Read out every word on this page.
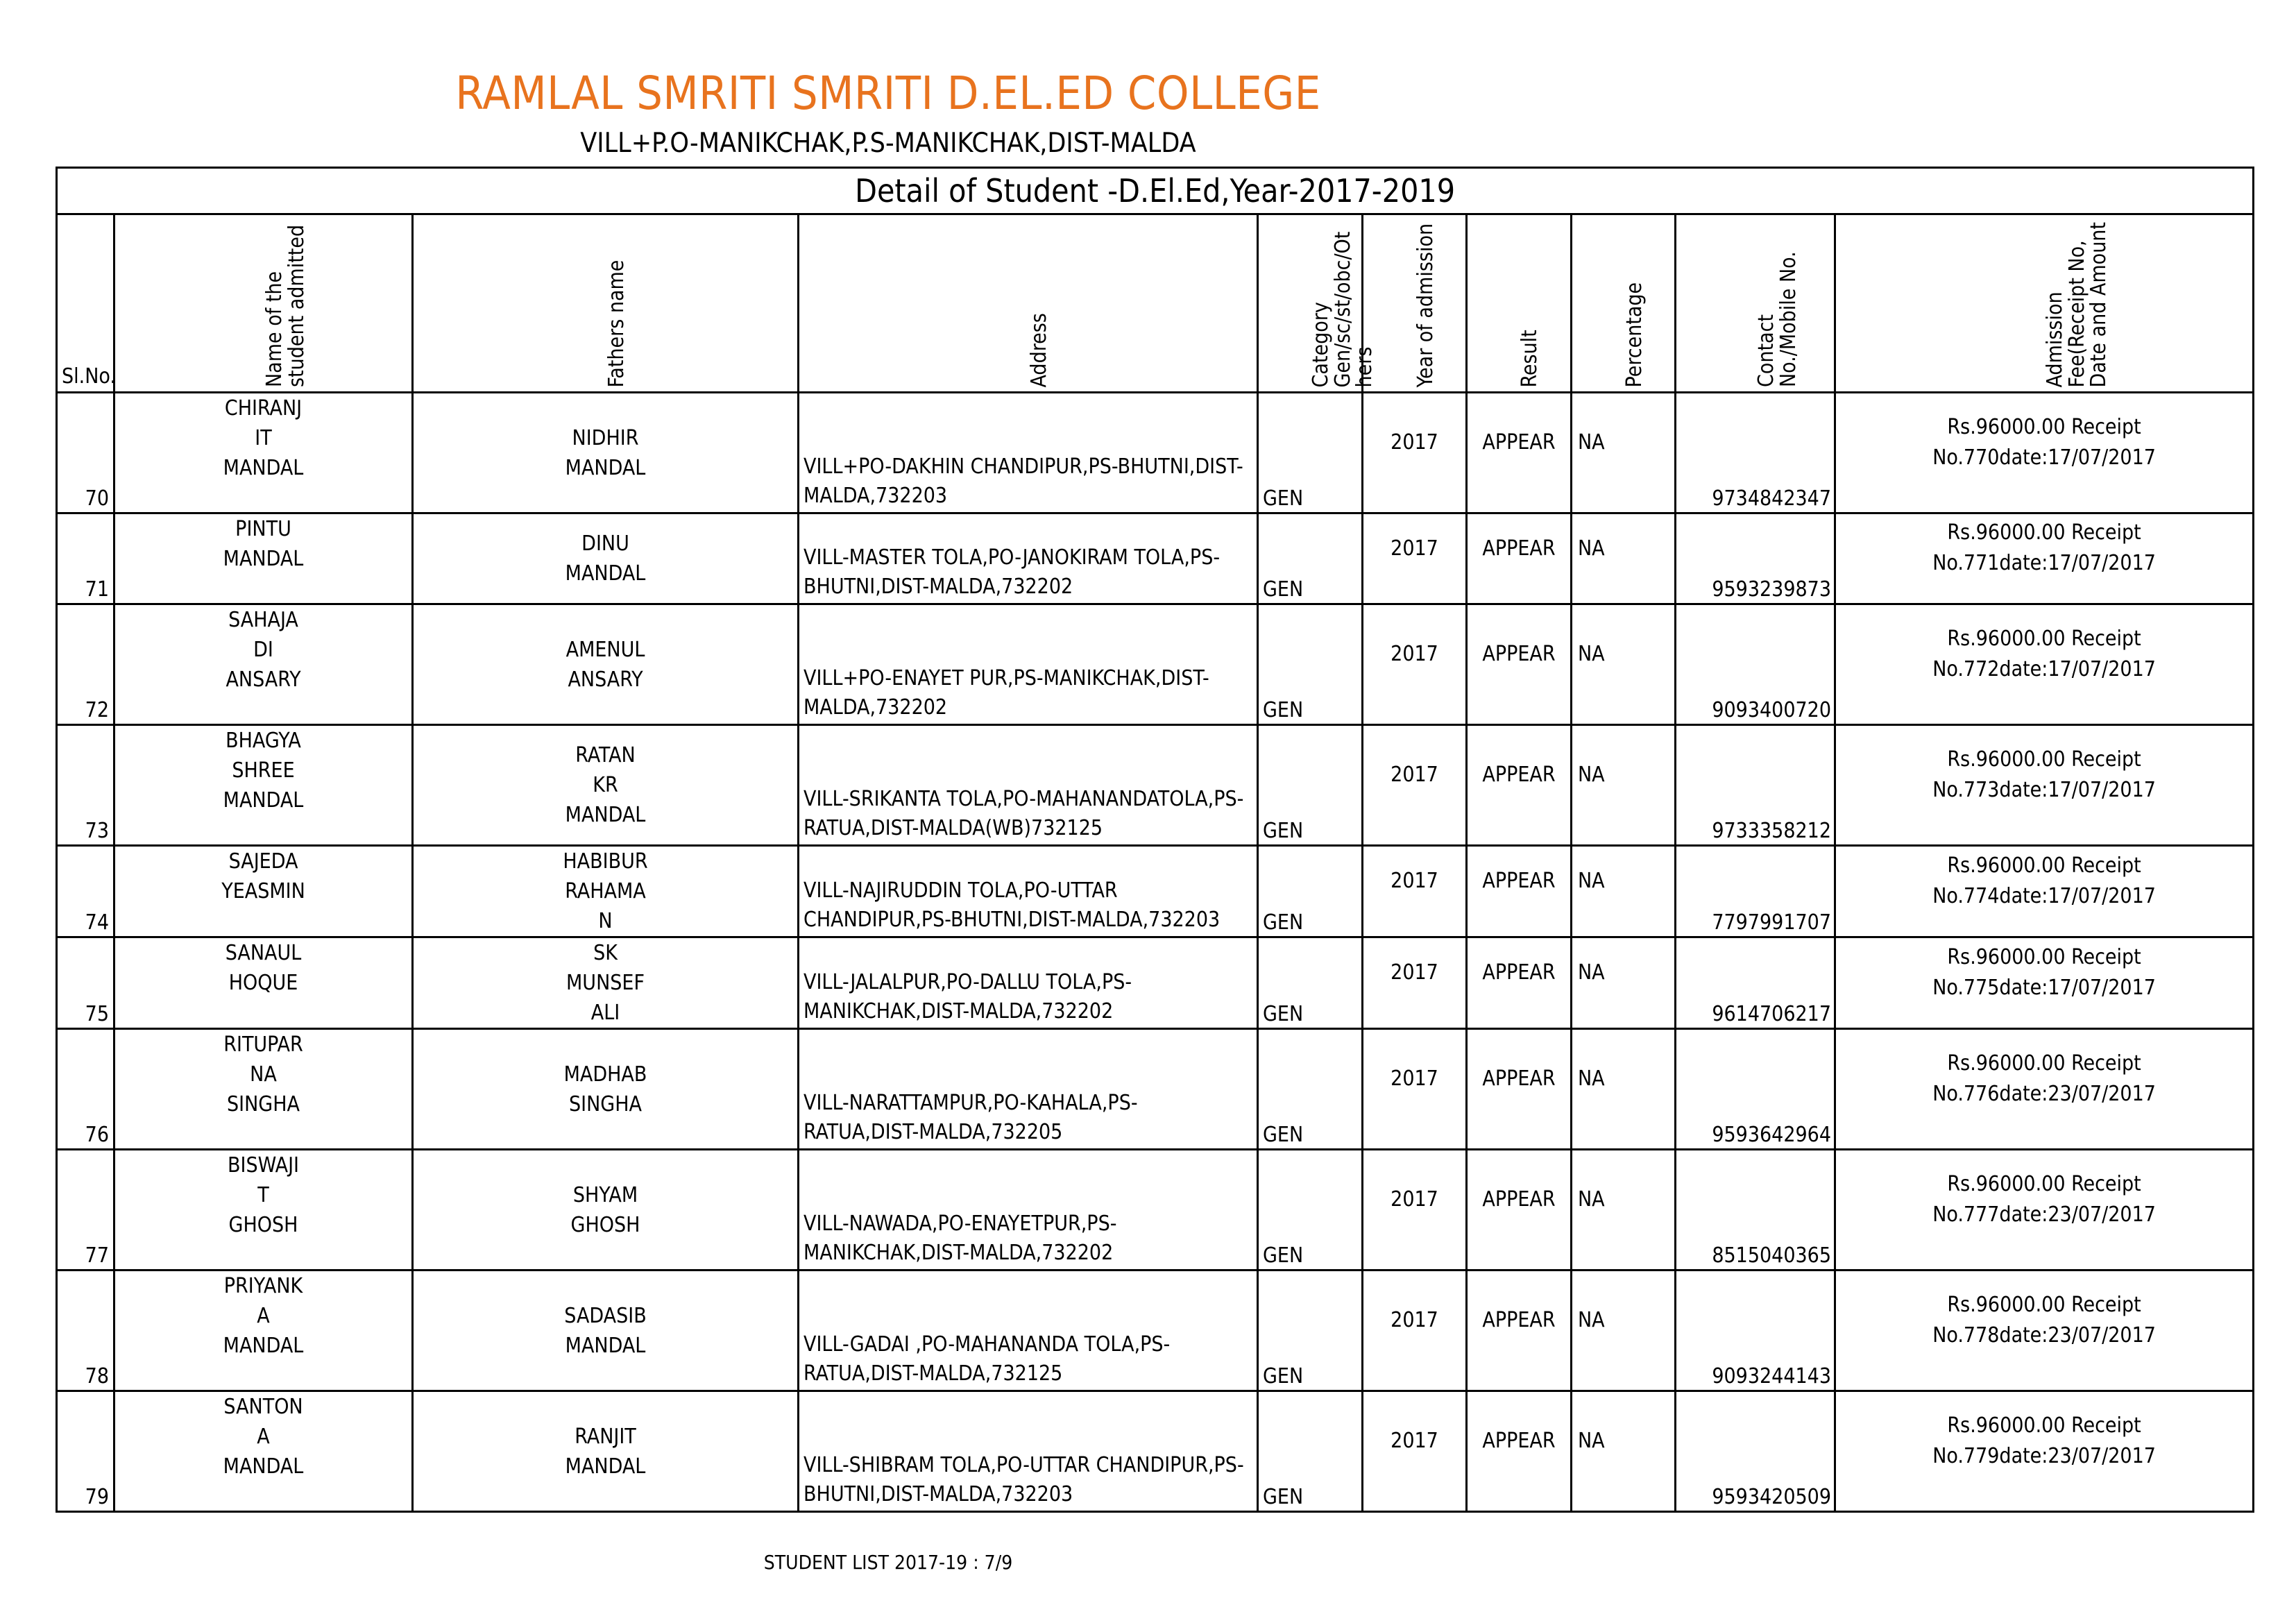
RAMLAL SMRITI SMRITI D.EL.ED COLLEGE
VILL+P.O-MANIKCHAK,P.S-MANIKCHAK,DIST-MALDA
Detail of Student -D.El.Ed,Year-2017-2019									
Sl.No.	Name of the
student admitted	Fathers name	Address	Category
Gen/sc/st/obc/Ot
hers	Year of admission	Result	Percentage	Contact
No./Mobile No.	Admission
Fee(Receipt No,
Date and Amount

70	CHIRANJ
IT
MANDAL	NIDHIR
MANDAL	VILL+PO-DAKHIN CHANDIPUR,PS-BHUTNI,DIST-
MALDA,732203	GEN	2017	APPEAR	NA	9734842347	Rs.96000.00 Receipt
No.770date:17/07/2017

71	PINTU
MANDAL	DINU
MANDAL	VILL-MASTER TOLA,PO-JANOKIRAM TOLA,PS-
BHUTNI,DIST-MALDA,732202	GEN	2017	APPEAR	NA	9593239873	Rs.96000.00 Receipt
No.771date:17/07/2017

72	SAHAJA
DI
ANSARY	AMENUL
ANSARY	VILL+PO-ENAYET PUR,PS-MANIKCHAK,DIST-
MALDA,732202	GEN	2017	APPEAR	NA	9093400720	Rs.96000.00 Receipt
No.772date:17/07/2017

73	BHAGYA
SHREE
MANDAL	RATAN
KR
MANDAL	VILL-SRIKANTA TOLA,PO-MAHANANDATOLA,PS-
RATUA,DIST-MALDA(WB)732125	GEN	2017	APPEAR	NA	9733358212	Rs.96000.00 Receipt
No.773date:17/07/2017

74	SAJEDA
YEASMIN	HABIBUR
RAHAMA
N	VILL-NAJIRUDDIN TOLA,PO-UTTAR
CHANDIPUR,PS-BHUTNI,DIST-MALDA,732203	GEN	2017	APPEAR	NA	7797991707	Rs.96000.00 Receipt
No.774date:17/07/2017

75	SANAUL
HOQUE	SK
MUNSEF
ALI	VILL-JALALPUR,PO-DALLU TOLA,PS-
MANIKCHAK,DIST-MALDA,732202	GEN	2017	APPEAR	NA	9614706217	Rs.96000.00 Receipt
No.775date:17/07/2017

76	RITUPAR
NA
SINGHA	MADHAB
SINGHA	VILL-NARATTAMPUR,PO-KAHALA,PS-
RATUA,DIST-MALDA,732205	GEN	2017	APPEAR	NA	9593642964	Rs.96000.00 Receipt
No.776date:23/07/2017

77	BISWAJI
T
GHOSH	SHYAM
GHOSH	VILL-NAWADA,PO-ENAYETPUR,PS-
MANIKCHAK,DIST-MALDA,732202	GEN	2017	APPEAR	NA	8515040365	Rs.96000.00 Receipt
No.777date:23/07/2017

78	PRIYANK
A
MANDAL	SADASIB
MANDAL	VILL-GADAI ,PO-MAHANANDA TOLA,PS-
RATUA,DIST-MALDA,732125	GEN	2017	APPEAR	NA	9093244143	Rs.96000.00 Receipt
No.778date:23/07/2017

79	SANTON
A
MANDAL	RANJIT
MANDAL	VILL-SHIBRAM TOLA,PO-UTTAR CHANDIPUR,PS-
BHUTNI,DIST-MALDA,732203	GEN	2017	APPEAR	NA	9593420509	Rs.96000.00 Receipt
No.779date:23/07/2017
STUDENT LIST 2017-19 : 7/9
